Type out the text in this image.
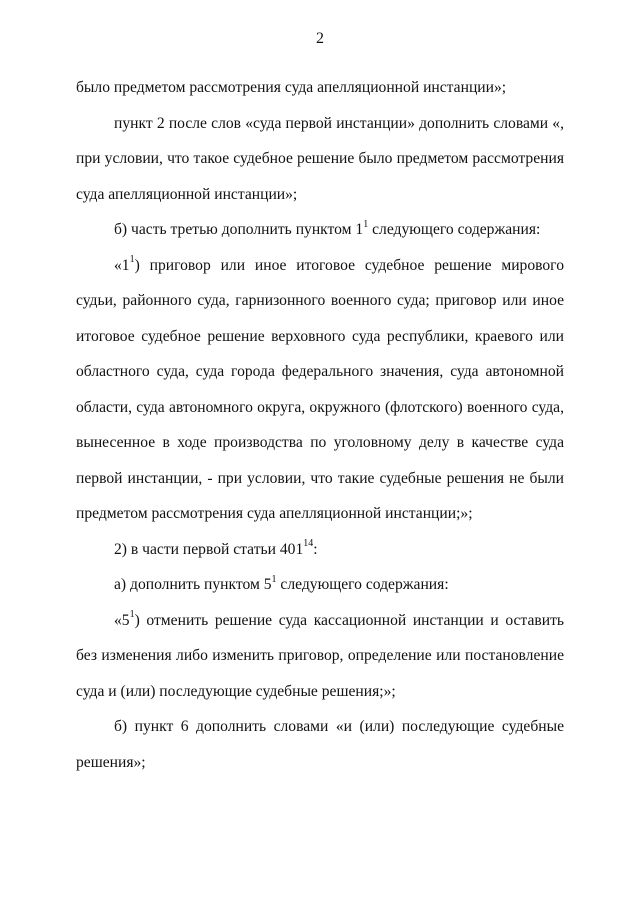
2

было предметом рассмотрения суда апелляционной инстанции»;

пункт 2 после слов «суда первой инстанции» дополнить словами «, при условии, что такое судебное решение было предметом рассмотрения суда апелляционной инстанции»;

б) часть третью дополнить пунктом $1^1$ следующего содержания:

«$1^1$) приговор или иное итоговое судебное решение мирового судьи, районного суда, гарнизонного военного суда; приговор или иное итоговое судебное решение верховного суда республики, краевого или областного суда, суда города федерального значения, суда автономной области, суда автономного округа, окружного (флотского) военного суда, вынесенное в ходе производства по уголовному делу в качестве суда первой инстанции, - при условии, что такие судебные решения не были предметом рассмотрения суда апелляционной инстанции;»;

2) в части первой статьи $401^{14}$:

а) дополнить пунктом $5^1$ следующего содержания:

«$5^1$) отменить решение суда кассационной инстанции и оставить без изменения либо изменить приговор, определение или постановление суда и (или) последующие судебные решения;»;

б) пункт 6 дополнить словами «и (или) последующие судебные решения»;
